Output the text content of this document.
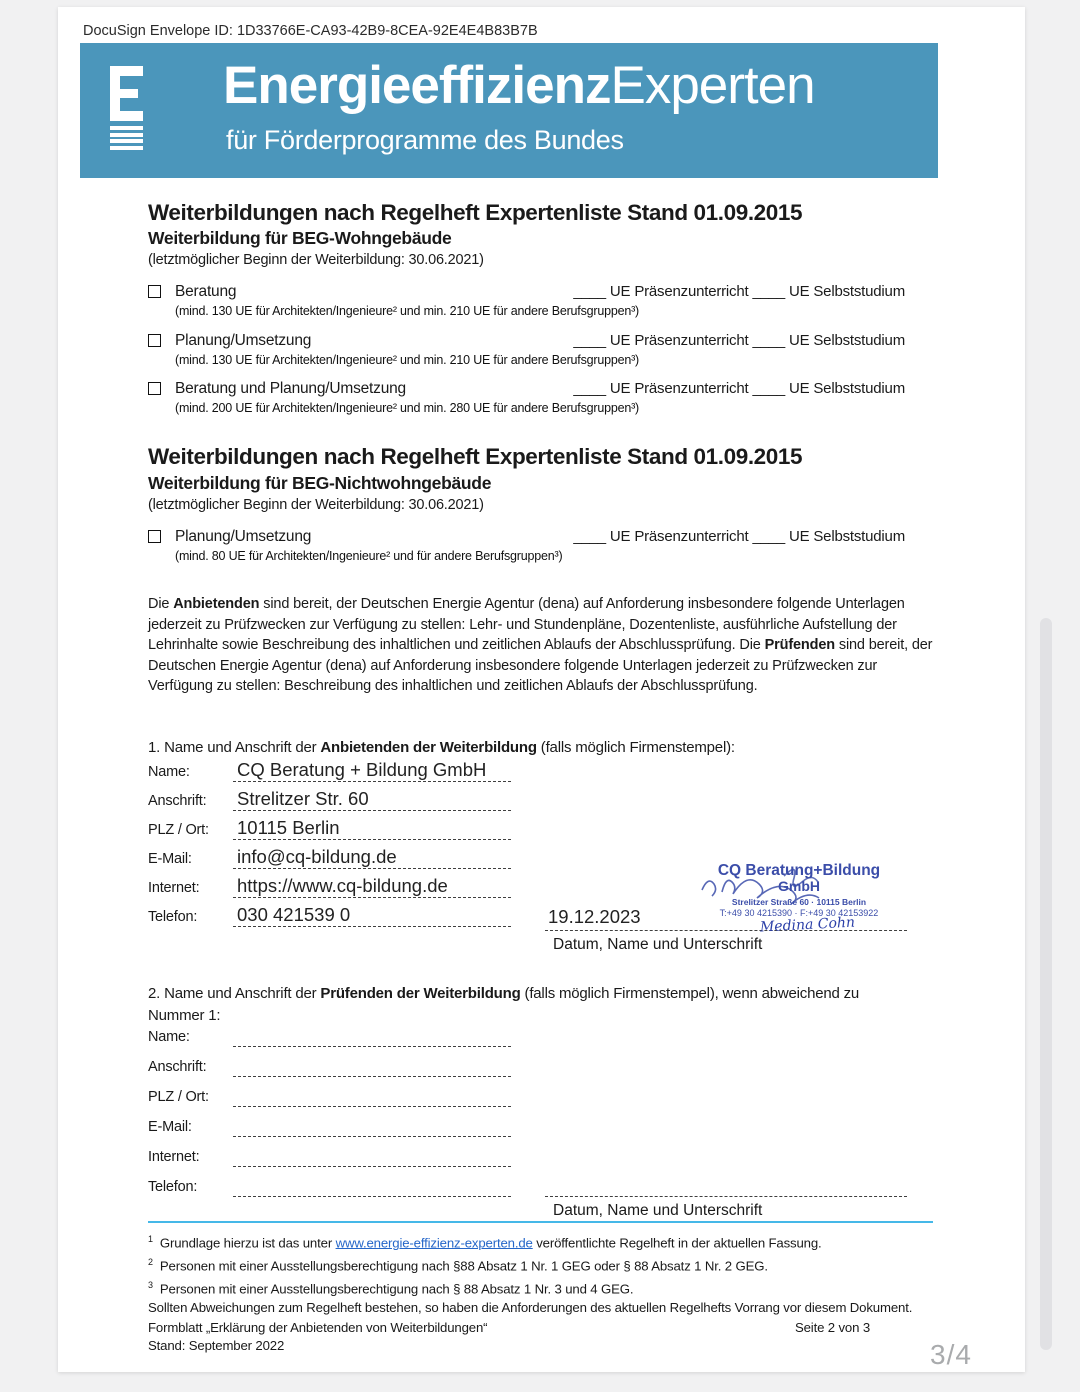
DocuSign Envelope ID: 1D33766E-CA93-42B9-8CEA-92E4E4B83B7B
EnergieeffizienzExperten
für Förderprogramme des Bundes
Weiterbildungen nach Regelheft Expertenliste Stand 01.09.2015
Weiterbildung für BEG-Wohngebäude
(letztmöglicher Beginn der Weiterbildung: 30.06.2021)
Beratung	____ UE Präsenzunterricht ____ UE Selbststudium
(mind. 130 UE für Architekten/Ingenieure² und min. 210 UE für andere Berufsgruppen³)
Planung/Umsetzung	____ UE Präsenzunterricht ____ UE Selbststudium
(mind. 130 UE für Architekten/Ingenieure² und min. 210 UE für andere Berufsgruppen³)
Beratung und Planung/Umsetzung	____ UE Präsenzunterricht ____ UE Selbststudium
(mind. 200 UE für Architekten/Ingenieure² und min. 280 UE für andere Berufsgruppen³)
Weiterbildungen nach Regelheft Expertenliste Stand 01.09.2015
Weiterbildung für BEG-Nichtwohngebäude
(letztmöglicher Beginn der Weiterbildung: 30.06.2021)
Planung/Umsetzung	____ UE Präsenzunterricht ____ UE Selbststudium
(mind. 80 UE für Architekten/Ingenieure² und für andere Berufsgruppen³)
Die Anbietenden sind bereit, der Deutschen Energie Agentur (dena) auf Anforderung insbesondere folgende Unterlagen jederzeit zu Prüfzwecken zur Verfügung zu stellen: Lehr- und Stundenpläne, Dozentenliste, ausführliche Aufstellung der Lehrinhalte sowie Beschreibung des inhaltlichen und zeitlichen Ablaufs der Abschlussprüfung. Die Prüfenden sind bereit, der Deutschen Energie Agentur (dena) auf Anforderung insbesondere folgende Unterlagen jederzeit zu Prüfzwecken zur Verfügung zu stellen: Beschreibung des inhaltlichen und zeitlichen Ablaufs der Abschlussprüfung.
1. Name und Anschrift der Anbietenden der Weiterbildung (falls möglich Firmenstempel):
Name:	CQ Beratung + Bildung GmbH
Anschrift: Strelitzer Str. 60
PLZ / Ort: 10115 Berlin
E-Mail: info@cq-bildung.de
Internet: https://www.cq-bildung.de
Telefon: 030 421539 0	19.12.2023
Datum, Name und Unterschrift
CQ Beratung+Bildung
GmbH
Strelitzer Straße 60 · 10115 Berlin
T:+49 30 4215390 · F:+49 30 42153922
Medina Cohn
2. Name und Anschrift der Prüfenden der Weiterbildung (falls möglich Firmenstempel), wenn abweichend zu
Nummer 1:
Name:
Anschrift:
PLZ / Ort:
E-Mail:
Internet:
Telefon:
Datum, Name und Unterschrift
$^1$ Grundlage hierzu ist das unter www.energie-effizienz-experten.de veröffentlichte Regelheft in der aktuellen Fassung.
$^2$ Personen mit einer Ausstellungsberechtigung nach §88 Absatz 1 Nr. 1 GEG oder § 88 Absatz 1 Nr. 2 GEG.
$^3$ Personen mit einer Ausstellungsberechtigung nach § 88 Absatz 1 Nr. 3 und 4 GEG.
Sollten Abweichungen zum Regelheft bestehen, so haben die Anforderungen des aktuellen Regelhefts Vorrang vor diesem Dokument.
Formblatt „Erklärung der Anbietenden von Weiterbildungen“	Seite 2 von 3
Stand: September 2022	3/4
